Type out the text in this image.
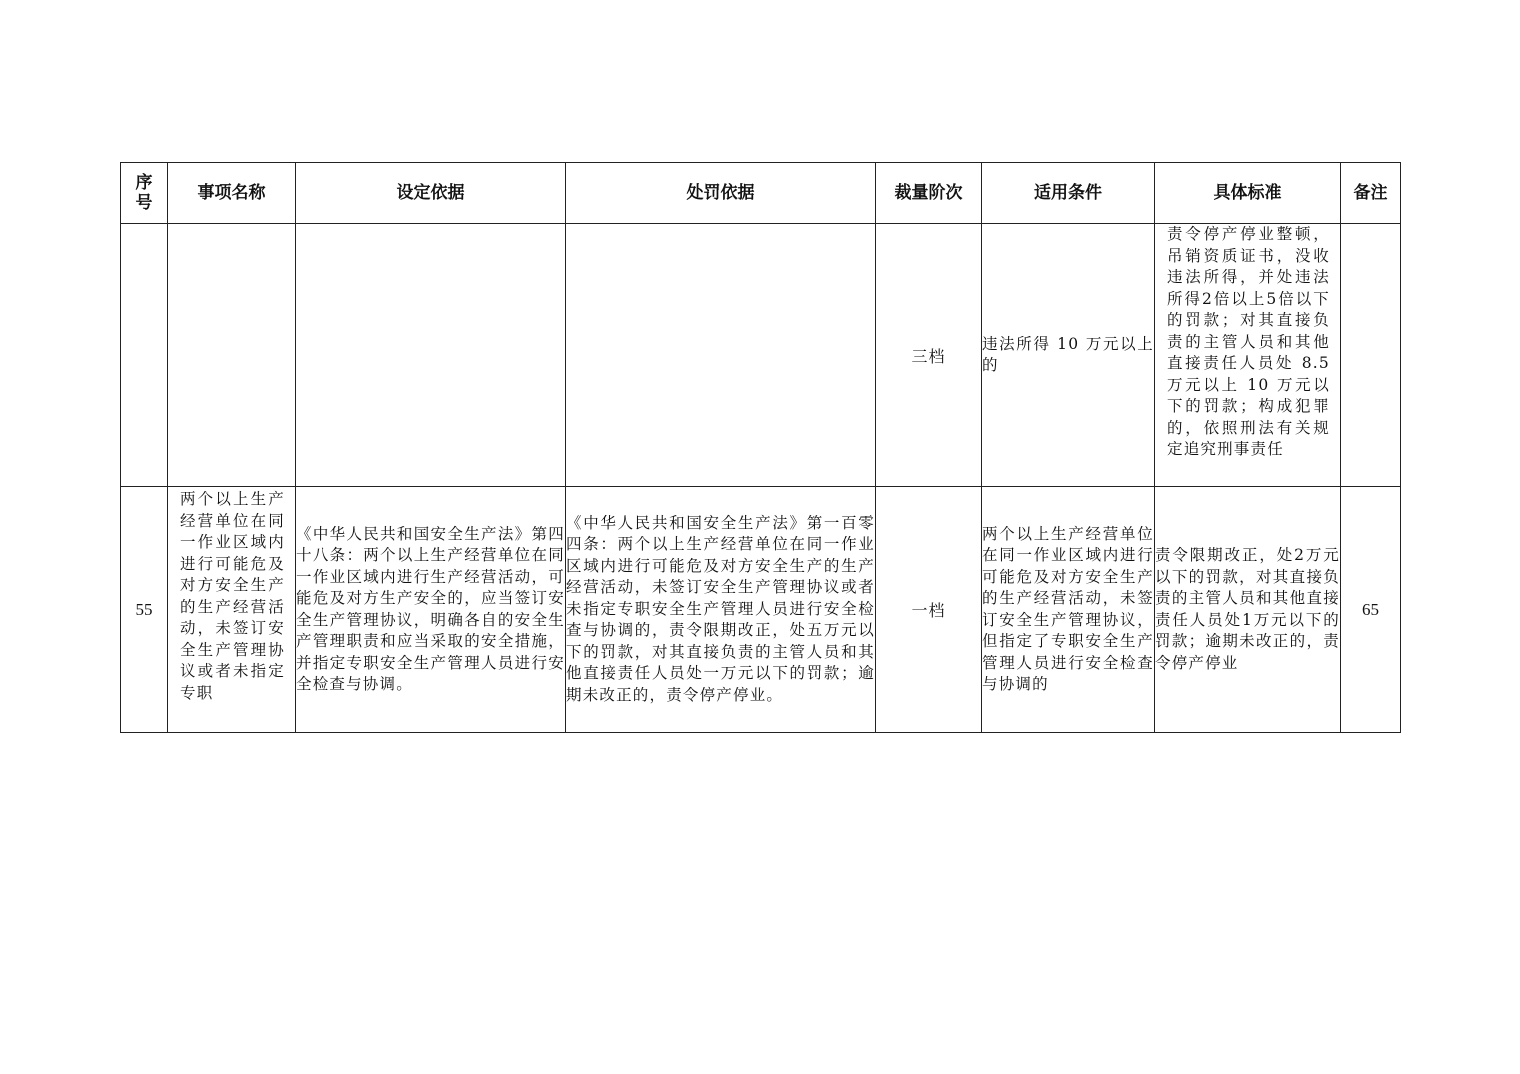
序号	事项名称	设定依据	处罚依据	裁量阶次	适用条件	具体标准	备注
				三档	违法所得 10 万元以上的	责令停产停业整顿，吊销资质证书，没收违法所得，并处违法所得2倍以上5倍以下的罚款；对其直接负责的主管人员和其他直接责任人员处 8.5 万元以上 10 万元以下的罚款；构成犯罪的，依照刑法有关规定追究刑事责任	

55	两个以上生产经营单位在同一作业区域内进行可能危及对方安全生产的生产经营活动，未签订安全生产管理协议或者未指定专职	《中华人民共和国安全生产法》第四十八条：两个以上生产经营单位在同一作业区域内进行生产经营活动，可能危及对方生产安全的，应当签订安全生产管理协议，明确各自的安全生产管理职责和应当采取的安全措施，并指定专职安全生产管理人员进行安全检查与协调。	《中华人民共和国安全生产法》第一百零四条：两个以上生产经营单位在同一作业区域内进行可能危及对方安全生产的生产经营活动，未签订安全生产管理协议或者未指定专职安全生产管理人员进行安全检查与协调的，责令限期改正，处五万元以下的罚款，对其直接负责的主管人员和其他直接责任人员处一万元以下的罚款；逾期未改正的，责令停产停业。	一档	两个以上生产经营单位在同一作业区域内进行可能危及对方安全生产的生产经营活动，未签订安全生产管理协议，但指定了专职安全生产管理人员进行安全检查与协调的	责令限期改正，处2万元以下的罚款，对其直接负责的主管人员和其他直接责任人员处1万元以下的罚款；逾期未改正的，责令停产停业	65
